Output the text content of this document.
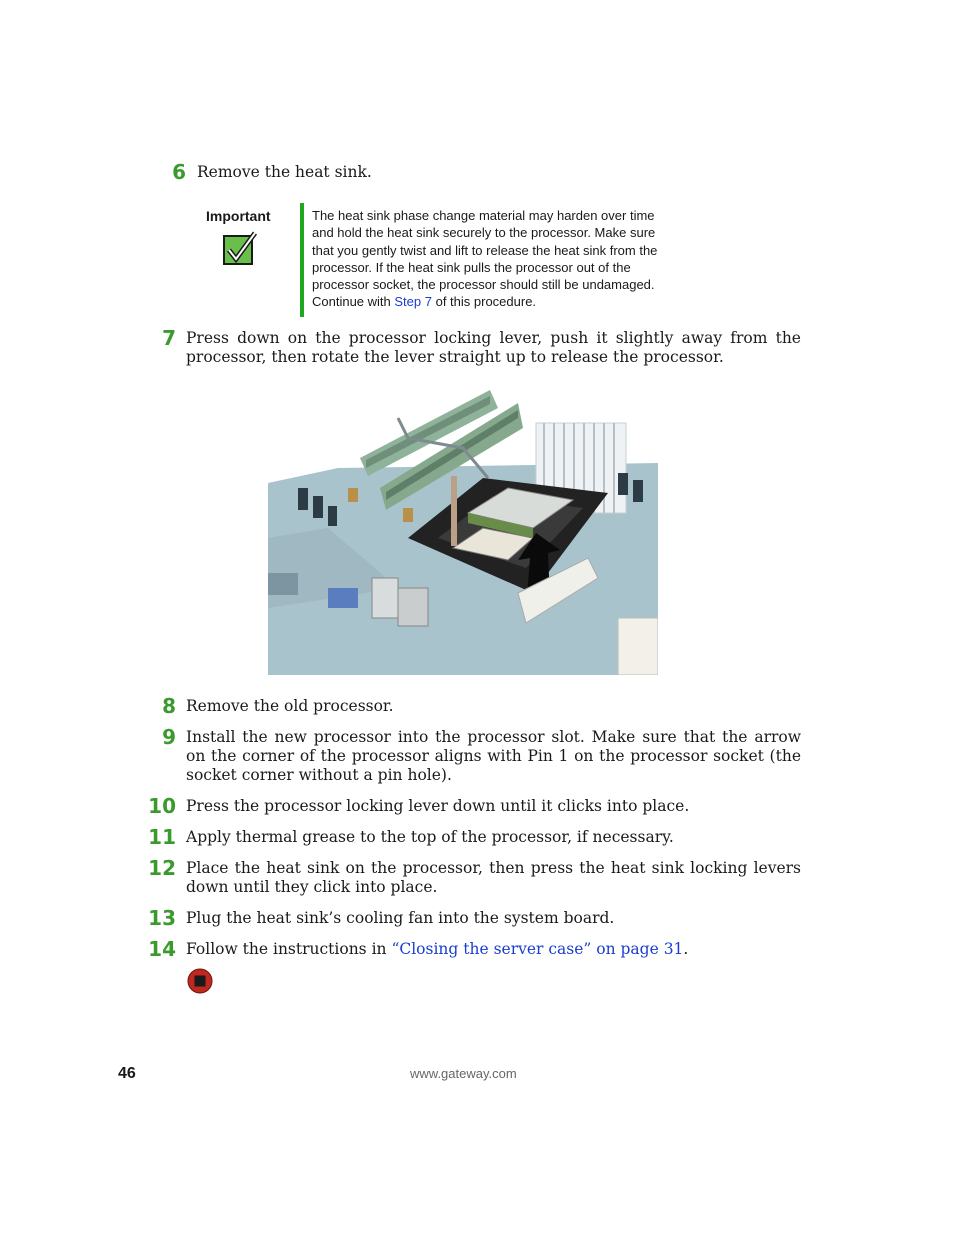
6 Remove the heat sink.
Important	The heat sink phase change material may harden over time and hold the heat sink securely to the processor. Make sure that you gently twist and lift to release the heat sink from the processor. If the heat sink pulls the processor out of the processor socket, the processor should still be undamaged. Continue with Step 7 of this procedure.
7 Press down on the processor locking lever, push it slightly away from the processor, then rotate the lever straight up to release the processor.
8 Remove the old processor.
9 Install the new processor into the processor slot. Make sure that the arrow on the corner of the processor aligns with Pin 1 on the processor socket (the socket corner without a pin hole).
10 Press the processor locking lever down until it clicks into place.
11 Apply thermal grease to the top of the processor, if necessary.
12 Place the heat sink on the processor, then press the heat sink locking levers down until they click into place.
13 Plug the heat sink’s cooling fan into the system board.
14 Follow the instructions in “Closing the server case” on page 31.
46	www.gateway.com
